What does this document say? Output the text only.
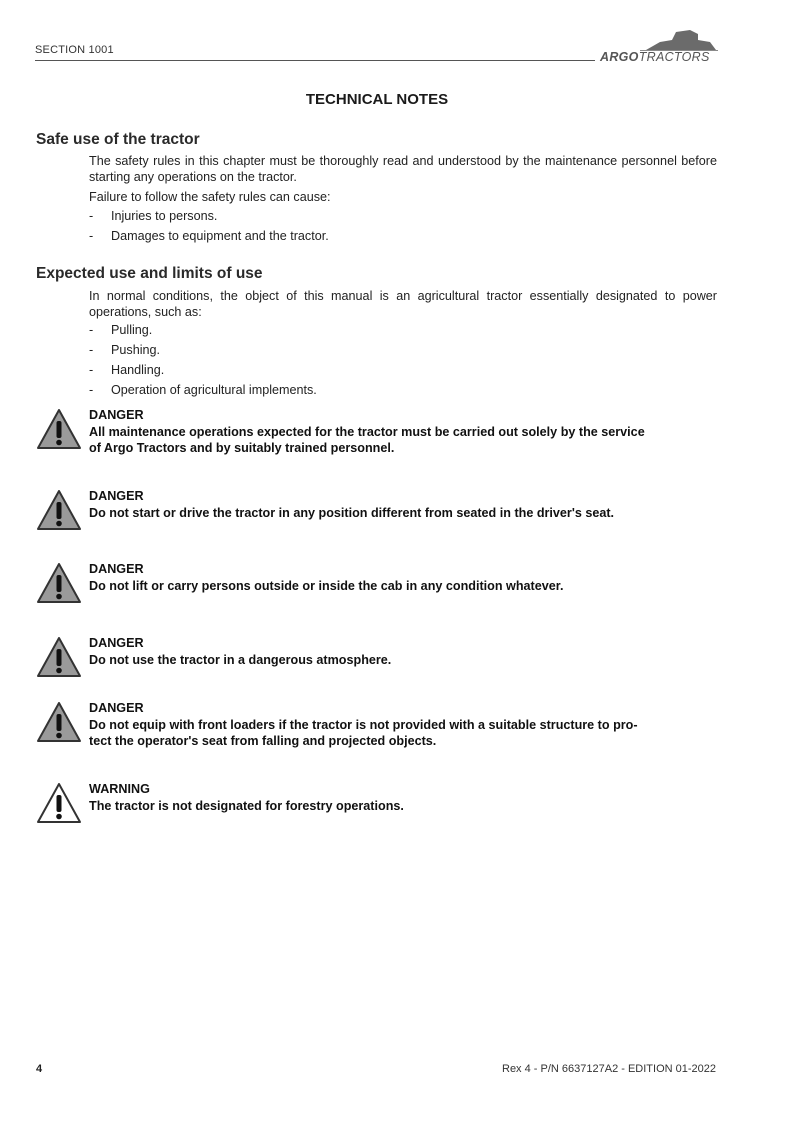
SECTION 1001	ARGOTRACTORS
TECHNICAL NOTES
Safe use of the tractor
The safety rules in this chapter must be thoroughly read and understood by the maintenance personnel before starting any operations on the tractor.
Failure to follow the safety rules can cause:
- Injuries to persons.
- Damages to equipment and the tractor.
Expected use and limits of use
In normal conditions, the object of this manual is an agricultural tractor essentially designated to power operations, such as:
- Pulling.
- Pushing.
- Handling.
- Operation of agricultural implements.
DANGER
All maintenance operations expected for the tractor must be carried out solely by the service
of Argo Tractors and by suitably trained personnel.
DANGER
Do not start or drive the tractor in any position different from seated in the driver's seat.
DANGER
Do not lift or carry persons outside or inside the cab in any condition whatever.
DANGER
Do not use the tractor in a dangerous atmosphere.
DANGER
Do not equip with front loaders if the tractor is not provided with a suitable structure to pro-
tect the operator's seat from falling and projected objects.
WARNING
The tractor is not designated for forestry operations.
4	Rex 4 - P/N 6637127A2 - EDITION 01-2022
